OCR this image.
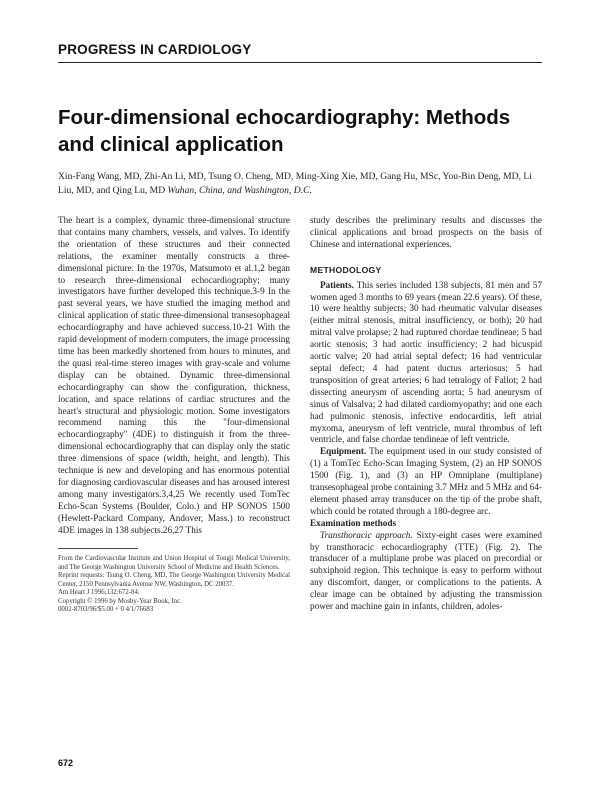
PROGRESS IN CARDIOLOGY
Four-dimensional echocardiography: Methods and clinical application
Xin-Fang Wang, MD, Zhi-An Li, MD, Tsung O. Cheng, MD, Ming-Xing Xie, MD, Gang Hu, MSc, You-Bin Deng, MD, Li Liu, MD, and Qing Lu, MD Wuhan, China, and Washington, D.C.

The heart is a complex, dynamic three-dimensional structure that contains many chambers, vessels, and valves. To identify the orientation of these structures and their connected relations, the examiner mentally constructs a three-dimensional picture. In the 1970s, Matsumoto et al.1,2 began to research three-dimensional echocardiography; many investigators have further developed this technique.3-9 In the past several years, we have studied the imaging method and clinical application of static three-dimensional transesophageal echocardiography and have achieved success.10-21 With the rapid development of modern computers, the image processing time has been markedly shortened from hours to minutes, and the quasi real-time stereo images with gray-scale and volume display can be obtained. Dynamic three-dimensional echocardiography can show the configuration, thickness, location, and space relations of cardiac structures and the heart's structural and physiologic motion. Some investigators recommend naming this the "four-dimensional echocardiography" (4DE) to distinguish it from the three-dimensional echocardiography that can display only the static three dimensions of space (width, height, and length). This technique is new and developing and has enormous potential for diagnosing cardiovascular diseases and has aroused interest among many investigators.3,4,25 We recently used TomTec Echo-Scan Systems (Boulder, Colo.) and HP SONOS 1500 (Hewlett-Packard Company, Andover, Mass.) to reconstruct 4DE images in 138 subjects.26,27 This

From the Cardiovascular Institute and Union Hospital of Tongji Medical University, and The George Washington University School of Medicine and Health Sciences.

Reprint requests: Tsung O. Cheng, MD, The George Washington University Medical Center, 2150 Pennsylvania Avenue NW, Washington, DC 20037.

Am Heart J 1996;132:672-84.

Copyright © 1996 by Mosby-Year Book, Inc.

0002-8703/96/$5.00 + 0 4/1/76683

study describes the preliminary results and discusses the clinical applications and broad prospects on the basis of Chinese and international experiences.

METHODOLOGY

Patients. This series included 138 subjects, 81 men and 57 women aged 3 months to 69 years (mean 22.6 years). Of these, 10 were healthy subjects; 30 had rheumatic valvular diseases (either mitral stenosis, mitral insufficiency, or both); 20 had mitral valve prolapse; 2 had ruptured chordae tendineae; 5 had aortic stenosis; 3 had aortic insufficiency; 2 had bicuspid aortic valve; 20 had atrial septal defect; 16 had ventricular septal defect; 4 had patent ductus arteriosus; 5 had transposition of great arteries; 6 had tetralogy of Fallot; 2 had dissecting aneurysm of ascending aorta; 5 had aneurysm of sinus of Valsalva; 2 had dilated cardiomyopathy; and one each had pulmonic stenosis, infective endocarditis, left atrial myxoma, aneurysm of left ventricle, mural thrombus of left ventricle, and false chordae tendineae of left ventricle.

Equipment. The equipment used in our study consisted of (1) a TomTec Echo-Scan Imaging System, (2) an HP SONOS 1500 (Fig. 1), and (3) an HP Omniplane (multiplane) transesophageal probe containing 3.7 MHz and 5 MHz and 64-element phased array transducer on the tip of the probe shaft, which could be rotated through a 180-degree arc.

Examination methods

Transthoracic approach. Sixty-eight cases were examined by transthoracic echocardiography (TTE) (Fig. 2). The transducer of a multiplane probe was placed on precordial or subxiphoid region. This technique is easy to perform without any discomfort, danger, or complications to the patients. A clear image can be obtained by adjusting the transmission power and machine gain in infants, children, adoles-

672
